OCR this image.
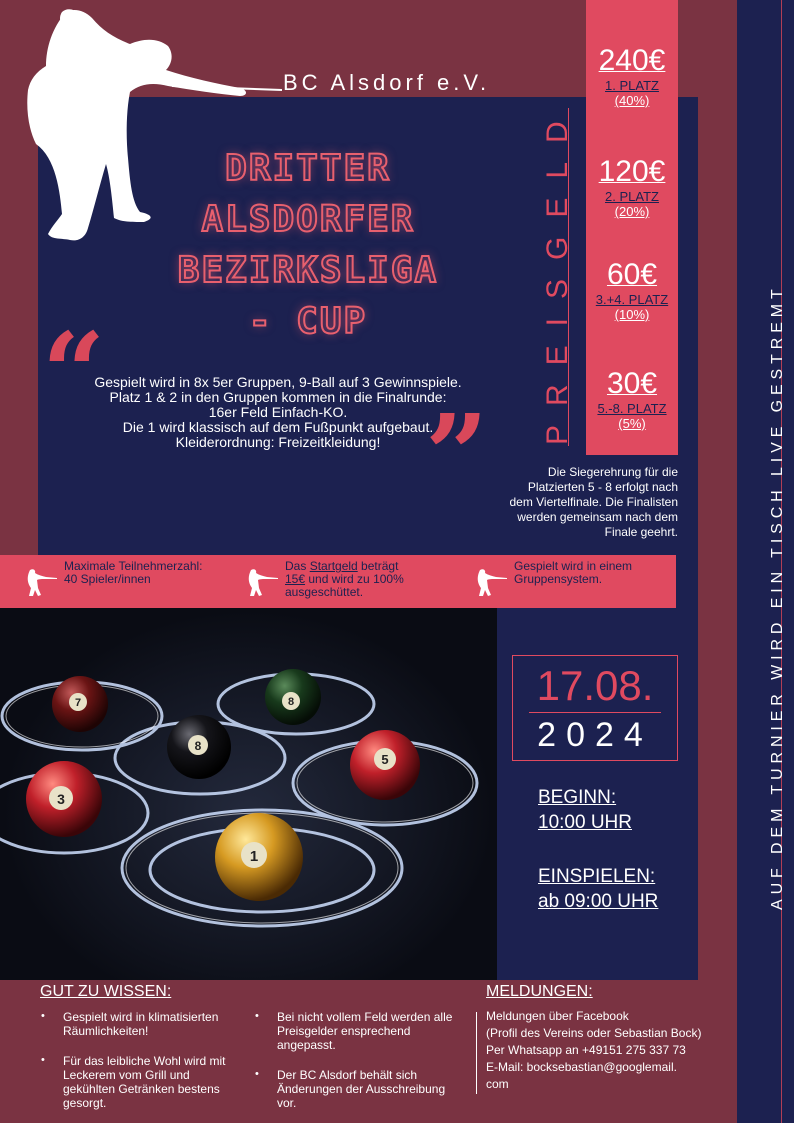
BC Alsdorf e.V.
DRITTER
ALSDORFER
BEZIRKSLIGA
- CUP
“
”
Gespielt wird in 8x 5er Gruppen, 9-Ball auf 3 Gewinnspiele.
Platz 1 & 2 in den Gruppen kommen in die Finalrunde:
16er Feld Einfach-KO.
Die 1 wird klassisch auf dem Fußpunkt aufgebaut.
Kleiderordnung: Freizeitkleidung!
240€
1. PLATZ
(40%)
120€
2. PLATZ
(20%)
60€
3.+4. PLATZ
(10%)
30€
5.-8. PLATZ
(5%)
PREISGELD
Die Siegerehrung für die
Platzierten 5 - 8 erfolgt nach
dem Viertelfinale. Die Finalisten
werden gemeinsam nach dem
Finale geehrt.
Maximale Teilnehmerzahl:
40 Spieler/innen
Das Startgeld beträgt
15€ und wird zu 100%
ausgeschüttet.
Gespielt wird in einem
Gruppensystem.
7	8
8
3
5
1
17.08.
2024
BEGINN:
10:00 UHR
EINSPIELEN:
ab 09:00 UHR	AUF DEM TURNIER WIRD EIN TISCH LIVE GESTREMT
GUT ZU WISSEN:
• Gespielt wird in klimatisierten Räumlichkeiten!
• Für das leibliche Wohl wird mit Leckerem vom Grill und gekühlten Getränken bestens gesorgt.
• Bei nicht vollem Feld werden alle Preisgelder ensprechend angepasst.
• Der BC Alsdorf behält sich Änderungen der Ausschreibung vor.
MELDUNGEN:
Meldungen über Facebook
(Profil des Vereins oder Sebastian Bock)
Per Whatsapp an +49151 275 337 73
E-Mail: bocksebastian@googlemail.
com
